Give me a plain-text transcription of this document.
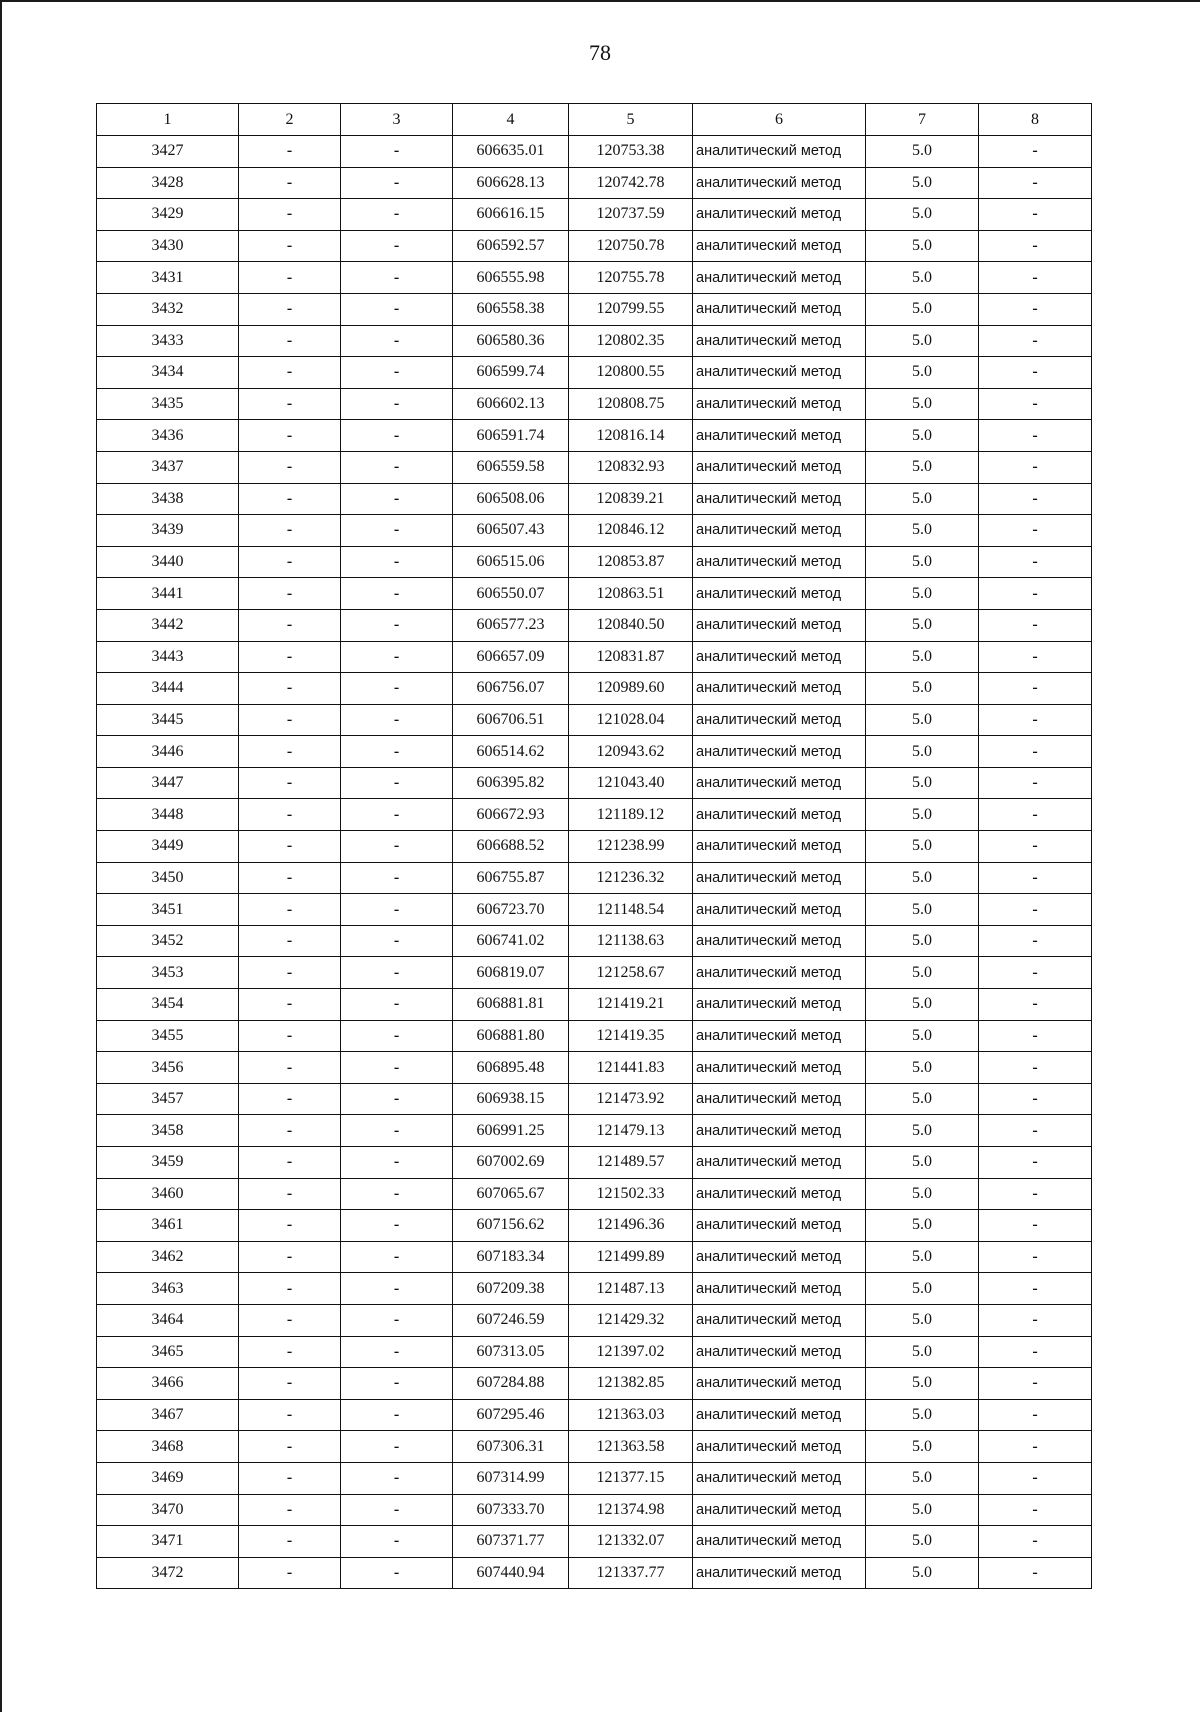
78
1	2	3	4	5	6	7	8
3427	-	-	606635.01	120753.38	аналитический метод	5.0	-
3428	-	-	606628.13	120742.78	аналитический метод	5.0	-
3429	-	-	606616.15	120737.59	аналитический метод	5.0	-
3430	-	-	606592.57	120750.78	аналитический метод	5.0	-
3431	-	-	606555.98	120755.78	аналитический метод	5.0	-
3432	-	-	606558.38	120799.55	аналитический метод	5.0	-
3433	-	-	606580.36	120802.35	аналитический метод	5.0	-
3434	-	-	606599.74	120800.55	аналитический метод	5.0	-
3435	-	-	606602.13	120808.75	аналитический метод	5.0	-
3436	-	-	606591.74	120816.14	аналитический метод	5.0	-
3437	-	-	606559.58	120832.93	аналитический метод	5.0	-
3438	-	-	606508.06	120839.21	аналитический метод	5.0	-
3439	-	-	606507.43	120846.12	аналитический метод	5.0	-
3440	-	-	606515.06	120853.87	аналитический метод	5.0	-
3441	-	-	606550.07	120863.51	аналитический метод	5.0	-
3442	-	-	606577.23	120840.50	аналитический метод	5.0	-
3443	-	-	606657.09	120831.87	аналитический метод	5.0	-
3444	-	-	606756.07	120989.60	аналитический метод	5.0	-
3445	-	-	606706.51	121028.04	аналитический метод	5.0	-
3446	-	-	606514.62	120943.62	аналитический метод	5.0	-
3447	-	-	606395.82	121043.40	аналитический метод	5.0	-
3448	-	-	606672.93	121189.12	аналитический метод	5.0	-
3449	-	-	606688.52	121238.99	аналитический метод	5.0	-
3450	-	-	606755.87	121236.32	аналитический метод	5.0	-
3451	-	-	606723.70	121148.54	аналитический метод	5.0	-
3452	-	-	606741.02	121138.63	аналитический метод	5.0	-
3453	-	-	606819.07	121258.67	аналитический метод	5.0	-
3454	-	-	606881.81	121419.21	аналитический метод	5.0	-
3455	-	-	606881.80	121419.35	аналитический метод	5.0	-
3456	-	-	606895.48	121441.83	аналитический метод	5.0	-
3457	-	-	606938.15	121473.92	аналитический метод	5.0	-
3458	-	-	606991.25	121479.13	аналитический метод	5.0	-
3459	-	-	607002.69	121489.57	аналитический метод	5.0	-
3460	-	-	607065.67	121502.33	аналитический метод	5.0	-
3461	-	-	607156.62	121496.36	аналитический метод	5.0	-
3462	-	-	607183.34	121499.89	аналитический метод	5.0	-
3463	-	-	607209.38	121487.13	аналитический метод	5.0	-
3464	-	-	607246.59	121429.32	аналитический метод	5.0	-
3465	-	-	607313.05	121397.02	аналитический метод	5.0	-
3466	-	-	607284.88	121382.85	аналитический метод	5.0	-
3467	-	-	607295.46	121363.03	аналитический метод	5.0	-
3468	-	-	607306.31	121363.58	аналитический метод	5.0	-
3469	-	-	607314.99	121377.15	аналитический метод	5.0	-
3470	-	-	607333.70	121374.98	аналитический метод	5.0	-
3471	-	-	607371.77	121332.07	аналитический метод	5.0	-
3472	-	-	607440.94	121337.77	аналитический метод	5.0	-
